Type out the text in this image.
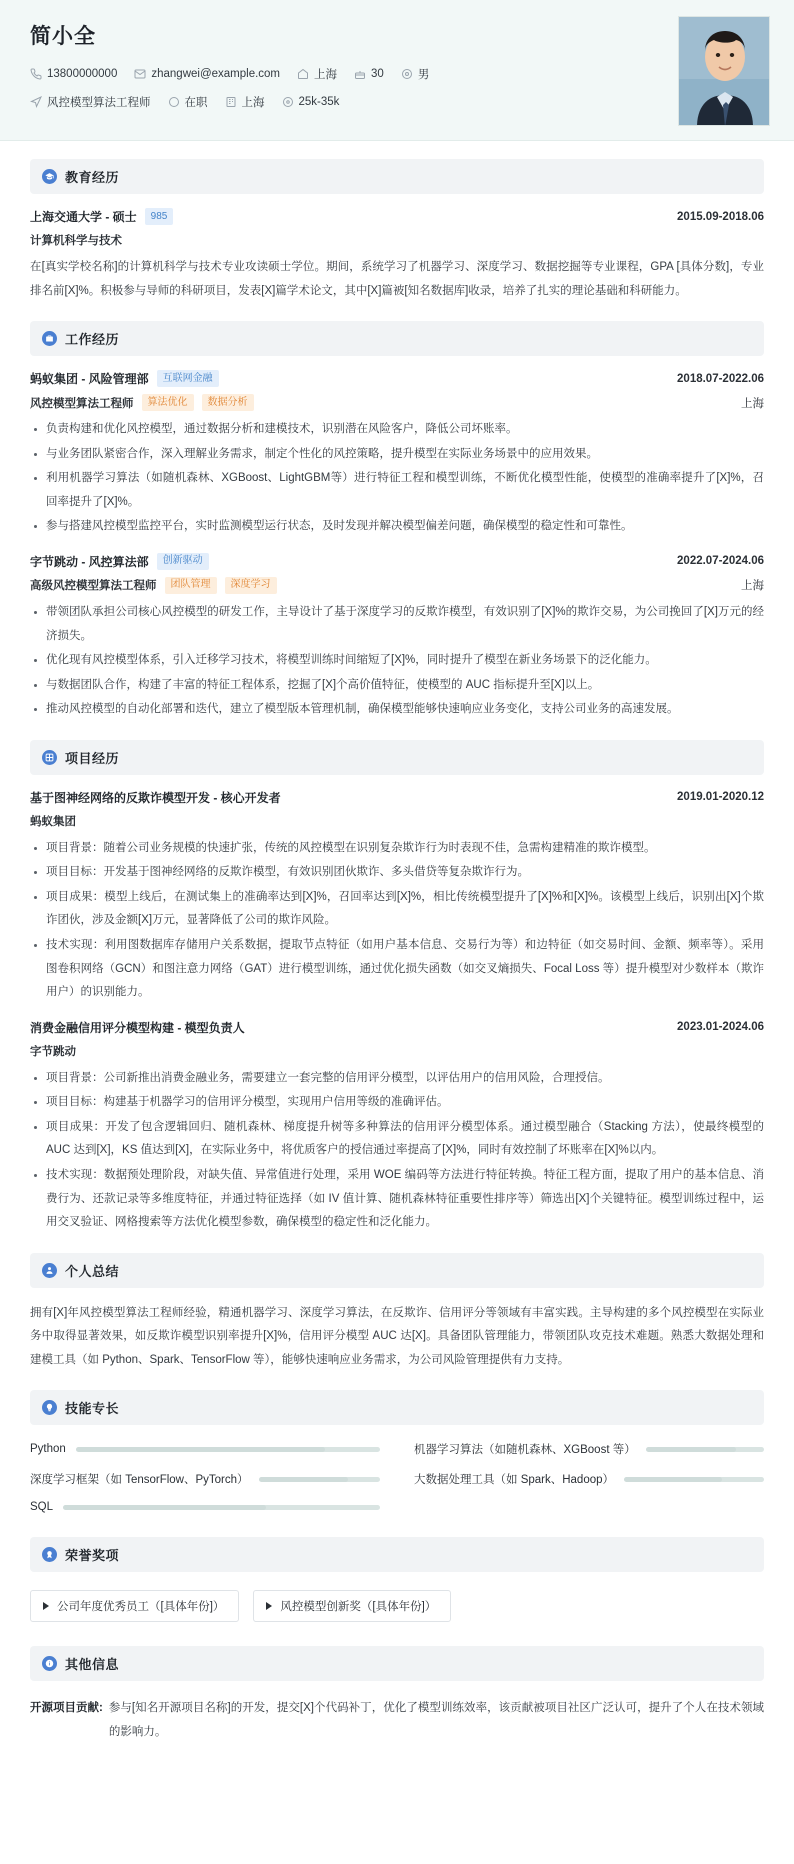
简小全
13800000000	zhangwei@example.com	上海	30	男
风控模型算法工程师	在职	上海	25k-35k
教育经历
上海交通大学 - 硕士	985	2015.09-2018.06
计算机科学与技术
在[真实学校名称]的计算机科学与技术专业攻读硕士学位。期间，系统学习了机器学习、深度学习、数据挖掘等专业课程，GPA [具体分数]，专业排名前[X]%。积极参与导师的科研项目，发表[X]篇学术论文，其中[X]篇被[知名数据库]收录，培养了扎实的理论基础和科研能力。
工作经历
蚂蚁集团 - 风险管理部	互联网金融	2018.07-2022.06
风控模型算法工程师	算法优化	数据分析	上海
负责构建和优化风控模型，通过数据分析和建模技术，识别潜在风险客户，降低公司坏账率。
与业务团队紧密合作，深入理解业务需求，制定个性化的风控策略，提升模型在实际业务场景中的应用效果。
利用机器学习算法（如随机森林、XGBoost、LightGBM等）进行特征工程和模型训练，不断优化模型性能，使模型的准确率提升了[X]%，召回率提升了[X]%。
参与搭建风控模型监控平台，实时监测模型运行状态，及时发现并解决模型偏差问题，确保模型的稳定性和可靠性。
字节跳动 - 风控算法部	创新驱动	2022.07-2024.06
高级风控模型算法工程师	团队管理	深度学习	上海
带领团队承担公司核心风控模型的研发工作，主导设计了基于深度学习的反欺诈模型，有效识别了[X]%的欺诈交易，为公司挽回了[X]万元的经济损失。
优化现有风控模型体系，引入迁移学习技术，将模型训练时间缩短了[X]%，同时提升了模型在新业务场景下的泛化能力。
与数据团队合作，构建了丰富的特征工程体系，挖掘了[X]个高价值特征，使模型的 AUC 指标提升至[X]以上。
推动风控模型的自动化部署和迭代，建立了模型版本管理机制，确保模型能够快速响应业务变化，支持公司业务的高速发展。
项目经历
基于图神经网络的反欺诈模型开发 - 核心开发者	2019.01-2020.12
蚂蚁集团
项目背景：随着公司业务规模的快速扩张，传统的风控模型在识别复杂欺诈行为时表现不佳，急需构建精准的欺诈模型。
项目目标：开发基于图神经网络的反欺诈模型，有效识别团伙欺诈、多头借贷等复杂欺诈行为。
项目成果：模型上线后，在测试集上的准确率达到[X]%，召回率达到[X]%，相比传统模型提升了[X]%和[X]%。该模型上线后，识别出[X]个欺诈团伙，涉及金额[X]万元，显著降低了公司的欺诈风险。
技术实现：利用图数据库存储用户关系数据，提取节点特征（如用户基本信息、交易行为等）和边特征（如交易时间、金额、频率等）。采用图卷积网络（GCN）和图注意力网络（GAT）进行模型训练，通过优化损失函数（如交叉熵损失、Focal Loss 等）提升模型对少数样本（欺诈用户）的识别能力。
消费金融信用评分模型构建 - 模型负责人	2023.01-2024.06
字节跳动
项目背景：公司新推出消费金融业务，需要建立一套完整的信用评分模型，以评估用户的信用风险，合理授信。
项目目标：构建基于机器学习的信用评分模型，实现用户信用等级的准确评估。
项目成果：开发了包含逻辑回归、随机森林、梯度提升树等多种算法的信用评分模型体系。通过模型融合（Stacking 方法），使最终模型的 AUC 达到[X]，KS 值达到[X]，在实际业务中，将优质客户的授信通过率提高了[X]%，同时有效控制了坏账率在[X]%以内。
技术实现：数据预处理阶段，对缺失值、异常值进行处理，采用 WOE 编码等方法进行特征转换。特征工程方面，提取了用户的基本信息、消费行为、还款记录等多维度特征，并通过特征选择（如 IV 值计算、随机森林特征重要性排序等）筛选出[X]个关键特征。模型训练过程中，运用交叉验证、网格搜索等方法优化模型参数，确保模型的稳定性和泛化能力。
个人总结
拥有[X]年风控模型算法工程师经验，精通机器学习、深度学习算法，在反欺诈、信用评分等领域有丰富实践。主导构建的多个风控模型在实际业务中取得显著效果，如反欺诈模型识别率提升[X]%，信用评分模型 AUC 达[X]。具备团队管理能力，带领团队攻克技术难题。熟悉大数据处理和建模工具（如 Python、Spark、TensorFlow 等），能够快速响应业务需求，为公司风险管理提供有力支持。
技能专长
Python	机器学习算法（如随机森林、XGBoost 等）
深度学习框架（如 TensorFlow、PyTorch）	大数据处理工具（如 Spark、Hadoop）
SQL
荣誉奖项
公司年度优秀员工（[具体年份]）	风控模型创新奖（[具体年份]）
其他信息
开源项目贡献: 参与[知名开源项目名称]的开发，提交[X]个代码补丁，优化了模型训练效率，该贡献被项目社区广泛认可，提升了个人在技术领域的影响力。
